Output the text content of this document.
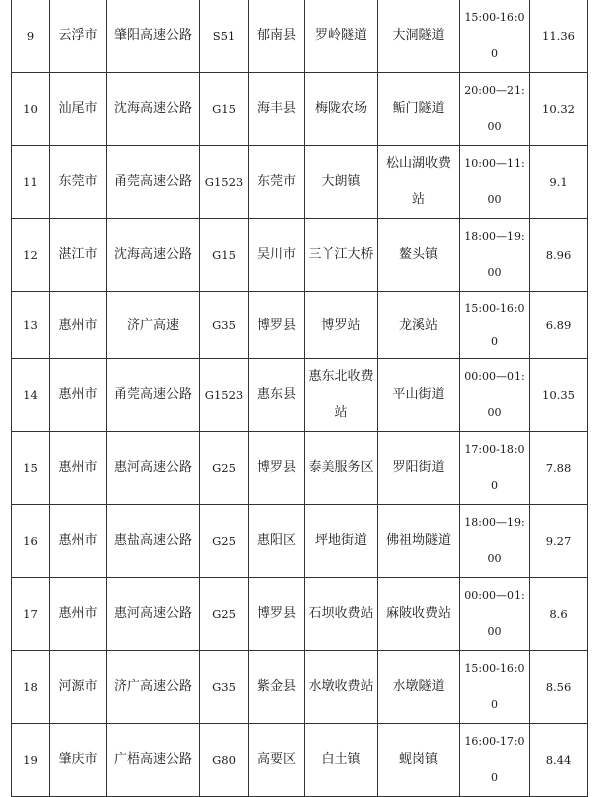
9	云浮市	肇阳高速公路	S51	郁南县	罗岭隧道	大洞隧道	15:00-16:00	11.36
10	汕尾市	沈海高速公路	G15	海丰县	梅陇农场	鲘门隧道	20:00—21:00	10.32
11	东莞市	甬莞高速公路	G1523	东莞市	大朗镇	松山湖收费站	10:00—11:00	9.1
12	湛江市	沈海高速公路	G15	吴川市	三丫江大桥	鳌头镇	18:00—19:00	8.96
13	惠州市	济广高速	G35	博罗县	博罗站	龙溪站	15:00-16:00	6.89
14	惠州市	甬莞高速公路	G1523	惠东县	惠东北收费站	平山街道	00:00—01:00	10.35
15	惠州市	惠河高速公路	G25	博罗县	泰美服务区	罗阳街道	17:00-18:00	7.88
16	惠州市	惠盐高速公路	G25	惠阳区	坪地街道	佛祖坳隧道	18:00—19:00	9.27
17	惠州市	惠河高速公路	G25	博罗县	石坝收费站	麻陂收费站	00:00—01:00	8.6
18	河源市	济广高速公路	G35	紫金县	水墩收费站	水墩隧道	15:00-16:00	8.56
19	肇庆市	广梧高速公路	G80	高要区	白土镇	蚬岗镇	16:00-17:00	8.44
